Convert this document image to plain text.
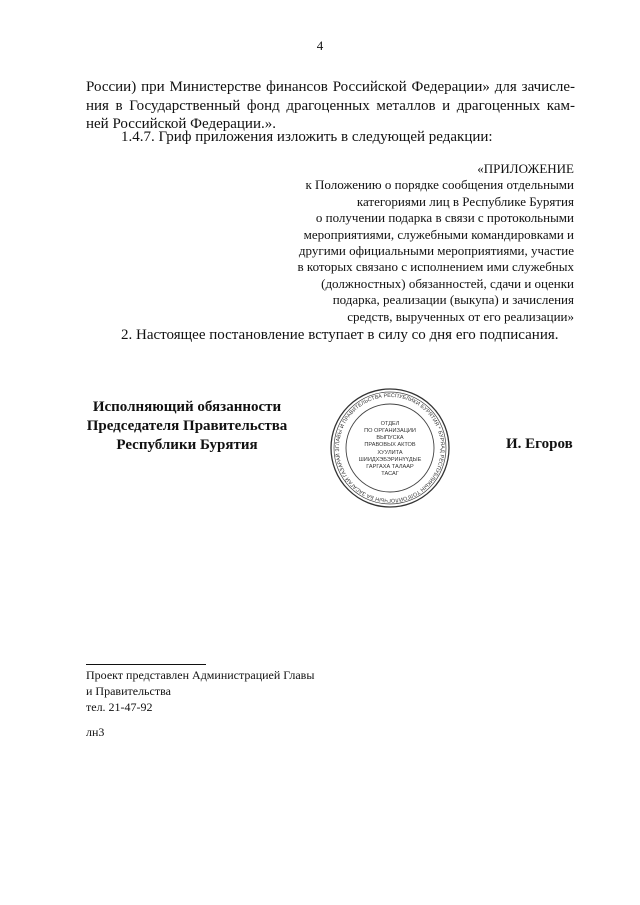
4
России) при Министерстве финансов Российской Федерации» для зачисле-
ния в Государственный фонд драгоценных металлов и драгоценных кам-
ней Российской Федерации.».
1.4.7. Гриф приложения изложить в следующей редакции:
«ПРИЛОЖЕНИЕ
к Положению о порядке сообщения отдельными
категориями лиц в Республике Бурятия
о получении подарка в связи с протокольными
мероприятиями, служебными командировками и
другими официальными мероприятиями, участие
в которых связано с исполнением ими служебных
(должностных) обязанностей, сдачи и оценки
подарка, реализации (выкупа) и зачисления
средств, вырученных от его реализации»
2. Настоящее постановление вступает в силу со дня его подписания.
Исполняющий обязанности
Председателя Правительства
Республики Бурятия	ГЛАВЫ И ПРАВИТЕЛЬСТВА РЕСПУБЛИКИ БУРЯТИЯ * БУРЯАД РЕСПУБЛИКЫН ТОЛГОЙЛОГЧЫН БА ЗАСАГАЙ ГАЗАРАЙ З
ОТДЕЛ
ПО ОРГАНИЗАЦИИ
ВЫПУСКА
ПРАВОВЫХ АКТОВ
ХУУЛИТА
ШИИДХЭБЭРИНҮҮДЫЕ
ГАРГАХА ТАЛААР
ТАСАГ
И. Егоров
Проект представлен Администрацией Главы
и Правительства
тел. 21-47-92
лн3
